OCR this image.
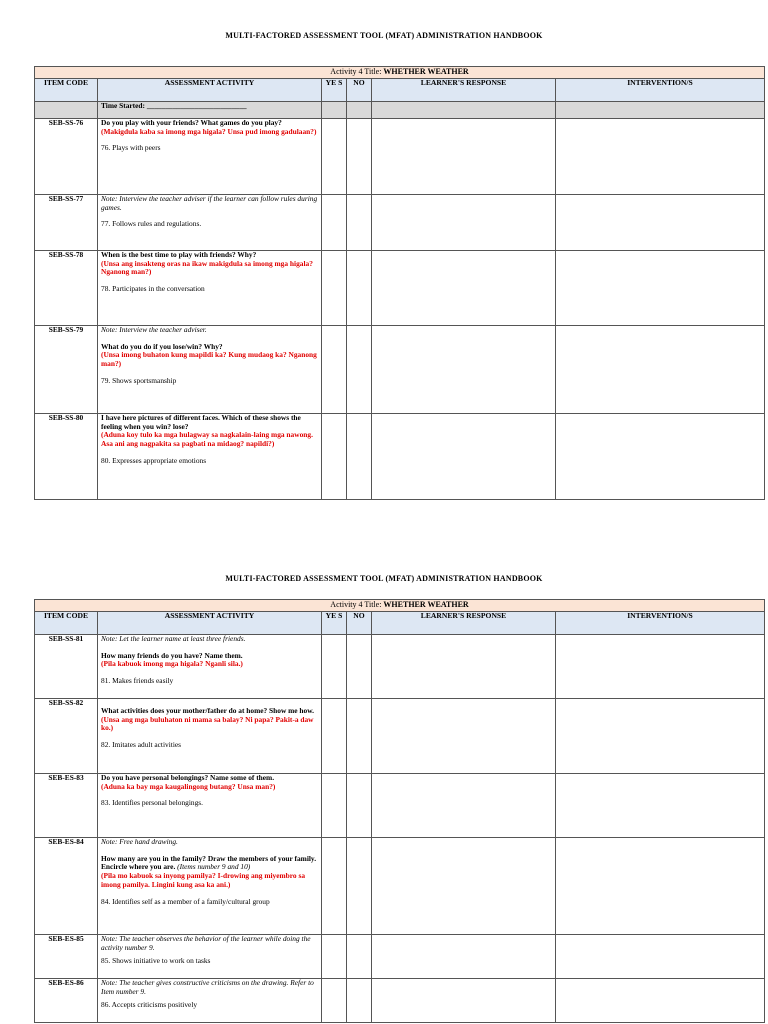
MULTI-FACTORED ASSESSMENT TOOL (MFAT) ADMINISTRATION HANDBOOK
Activity 4 Title: WHETHER WEATHER					
ITEM CODE	ASSESSMENT ACTIVITY	YE S	NO	LEARNER'S RESPONSE	INTERVENTION/S
	Time Started: ___________________________				
SEB-SS-76	Do you play with your friends? What games do you play?
(Makigdula kaba sa imong mga higala? Unsa pud imong gadulaan?)
76. Plays with peers				

SEB-SS-77	Note: Interview the teacher adviser if the learner can follow rules during games.
77. Follows rules and regulations.				

SEB-SS-78	When is the best time to play with friends? Why?
(Unsa ang insakteng oras na ikaw makigdula sa imong mga higala? Nganong man?)
78. Participates in the conversation				

SEB-SS-79	Note: Interview the teacher adviser.
What do you do if you lose/win? Why?
(Unsa imong buhaton kung mapildi ka? Kung mudaog ka? Nganong man?)
79. Shows sportsmanship				

SEB-SS-80	I have here pictures of different faces. Which of these shows the feeling when you win? lose?
(Aduna koy tulo ka mga hulagway sa nagkalain-laing mga nawong. Asa ani ang nagpakita sa pagbati na midaog? napildi?)
80. Expresses appropriate emotions				

MULTI-FACTORED ASSESSMENT TOOL (MFAT) ADMINISTRATION HANDBOOK
Activity 4 Title: WHETHER WEATHER					
ITEM CODE	ASSESSMENT ACTIVITY	YE S	NO	LEARNER'S RESPONSE	INTERVENTION/S
SEB-SS-81	Note: Let the learner name at least three friends.
How many friends do you have? Name them.
(Pila kabuok imong mga higala? Nganli sila.)
81. Makes friends easily				

SEB-SS-82	What activities does your mother/father do at home? Show me how.
(Unsa ang mga buluhaton ni mama sa balay? Ni papa? Pakit-a daw ko.)
82. Imitates adult activities				

SEB-ES-83	Do you have personal belongings? Name some of them.
(Aduna ka bay mga kaugalingong butang? Unsa man?)
83. Identifies personal belongings.				

SEB-ES-84	Note: Free hand drawing.
How many are you in the family? Draw the members of your family. Encircle where you are. (Items number 9 and 10)
(Pila mo kabuok sa inyong pamilya? I-drowing ang miyembro sa imong pamilya. Lingini kung asa ka ani.)
84. Identifies self as a member of a family/cultural group				

SEB-ES-85	Note: The teacher observes the behavior of the learner while doing the activity number 9.
85. Shows initiative to work on tasks				

SEB-ES-86	Note: The teacher gives constructive criticisms on the drawing. Refer to Item number 9.
86. Accepts criticisms positively				
